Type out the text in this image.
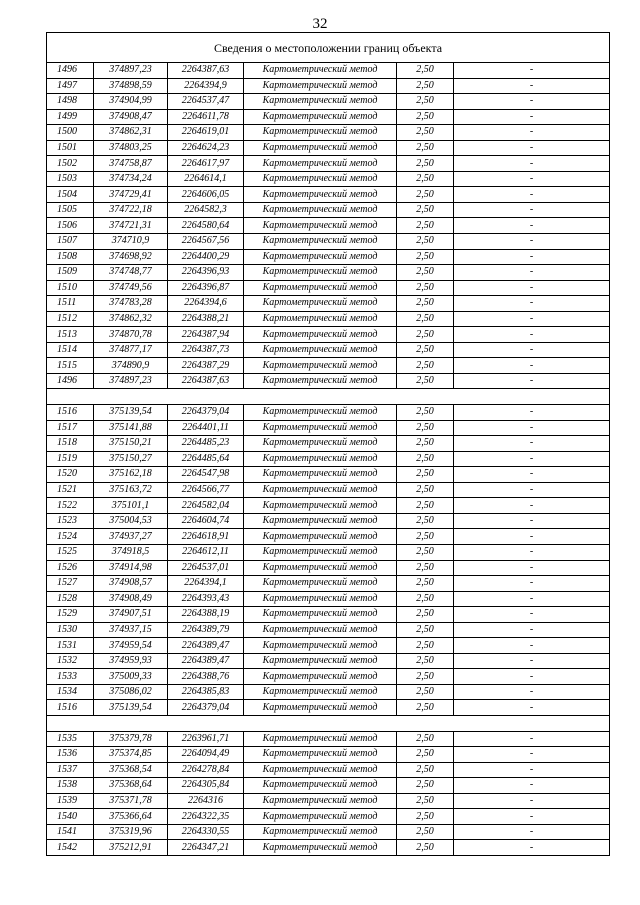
32
Сведения о местоположении границ объекта					
1496	374897,23	2264387,63	Картометрический метод	2,50	-
1497	374898,59	2264394,9	Картометрический метод	2,50	-
1498	374904,99	2264537,47	Картометрический метод	2,50	-
1499	374908,47	2264611,78	Картометрический метод	2,50	-
1500	374862,31	2264619,01	Картометрический метод	2,50	-
1501	374803,25	2264624,23	Картометрический метод	2,50	-
1502	374758,87	2264617,97	Картометрический метод	2,50	-
1503	374734,24	2264614,1	Картометрический метод	2,50	-
1504	374729,41	2264606,05	Картометрический метод	2,50	-
1505	374722,18	2264582,3	Картометрический метод	2,50	-
1506	374721,31	2264580,64	Картометрический метод	2,50	-
1507	374710,9	2264567,56	Картометрический метод	2,50	-
1508	374698,92	2264400,29	Картометрический метод	2,50	-
1509	374748,77	2264396,93	Картометрический метод	2,50	-
1510	374749,56	2264396,87	Картометрический метод	2,50	-
1511	374783,28	2264394,6	Картометрический метод	2,50	-
1512	374862,32	2264388,21	Картометрический метод	2,50	-
1513	374870,78	2264387,94	Картометрический метод	2,50	-
1514	374877,17	2264387,73	Картометрический метод	2,50	-
1515	374890,9	2264387,29	Картометрический метод	2,50	-
1496	374897,23	2264387,63	Картометрический метод	2,50	-

1516	375139,54	2264379,04	Картометрический метод	2,50	-
1517	375141,88	2264401,11	Картометрический метод	2,50	-
1518	375150,21	2264485,23	Картометрический метод	2,50	-
1519	375150,27	2264485,64	Картометрический метод	2,50	-
1520	375162,18	2264547,98	Картометрический метод	2,50	-
1521	375163,72	2264566,77	Картометрический метод	2,50	-
1522	375101,1	2264582,04	Картометрический метод	2,50	-
1523	375004,53	2264604,74	Картометрический метод	2,50	-
1524	374937,27	2264618,91	Картометрический метод	2,50	-
1525	374918,5	2264612,11	Картометрический метод	2,50	-
1526	374914,98	2264537,01	Картометрический метод	2,50	-
1527	374908,57	2264394,1	Картометрический метод	2,50	-
1528	374908,49	2264393,43	Картометрический метод	2,50	-
1529	374907,51	2264388,19	Картометрический метод	2,50	-
1530	374937,15	2264389,79	Картометрический метод	2,50	-
1531	374959,54	2264389,47	Картометрический метод	2,50	-
1532	374959,93	2264389,47	Картометрический метод	2,50	-
1533	375009,33	2264388,76	Картометрический метод	2,50	-
1534	375086,02	2264385,83	Картометрический метод	2,50	-
1516	375139,54	2264379,04	Картометрический метод	2,50	-

1535	375379,78	2263961,71	Картометрический метод	2,50	-
1536	375374,85	2264094,49	Картометрический метод	2,50	-
1537	375368,54	2264278,84	Картометрический метод	2,50	-
1538	375368,64	2264305,84	Картометрический метод	2,50	-
1539	375371,78	2264316	Картометрический метод	2,50	-
1540	375366,64	2264322,35	Картометрический метод	2,50	-
1541	375319,96	2264330,55	Картометрический метод	2,50	-
1542	375212,91	2264347,21	Картометрический метод	2,50	-
